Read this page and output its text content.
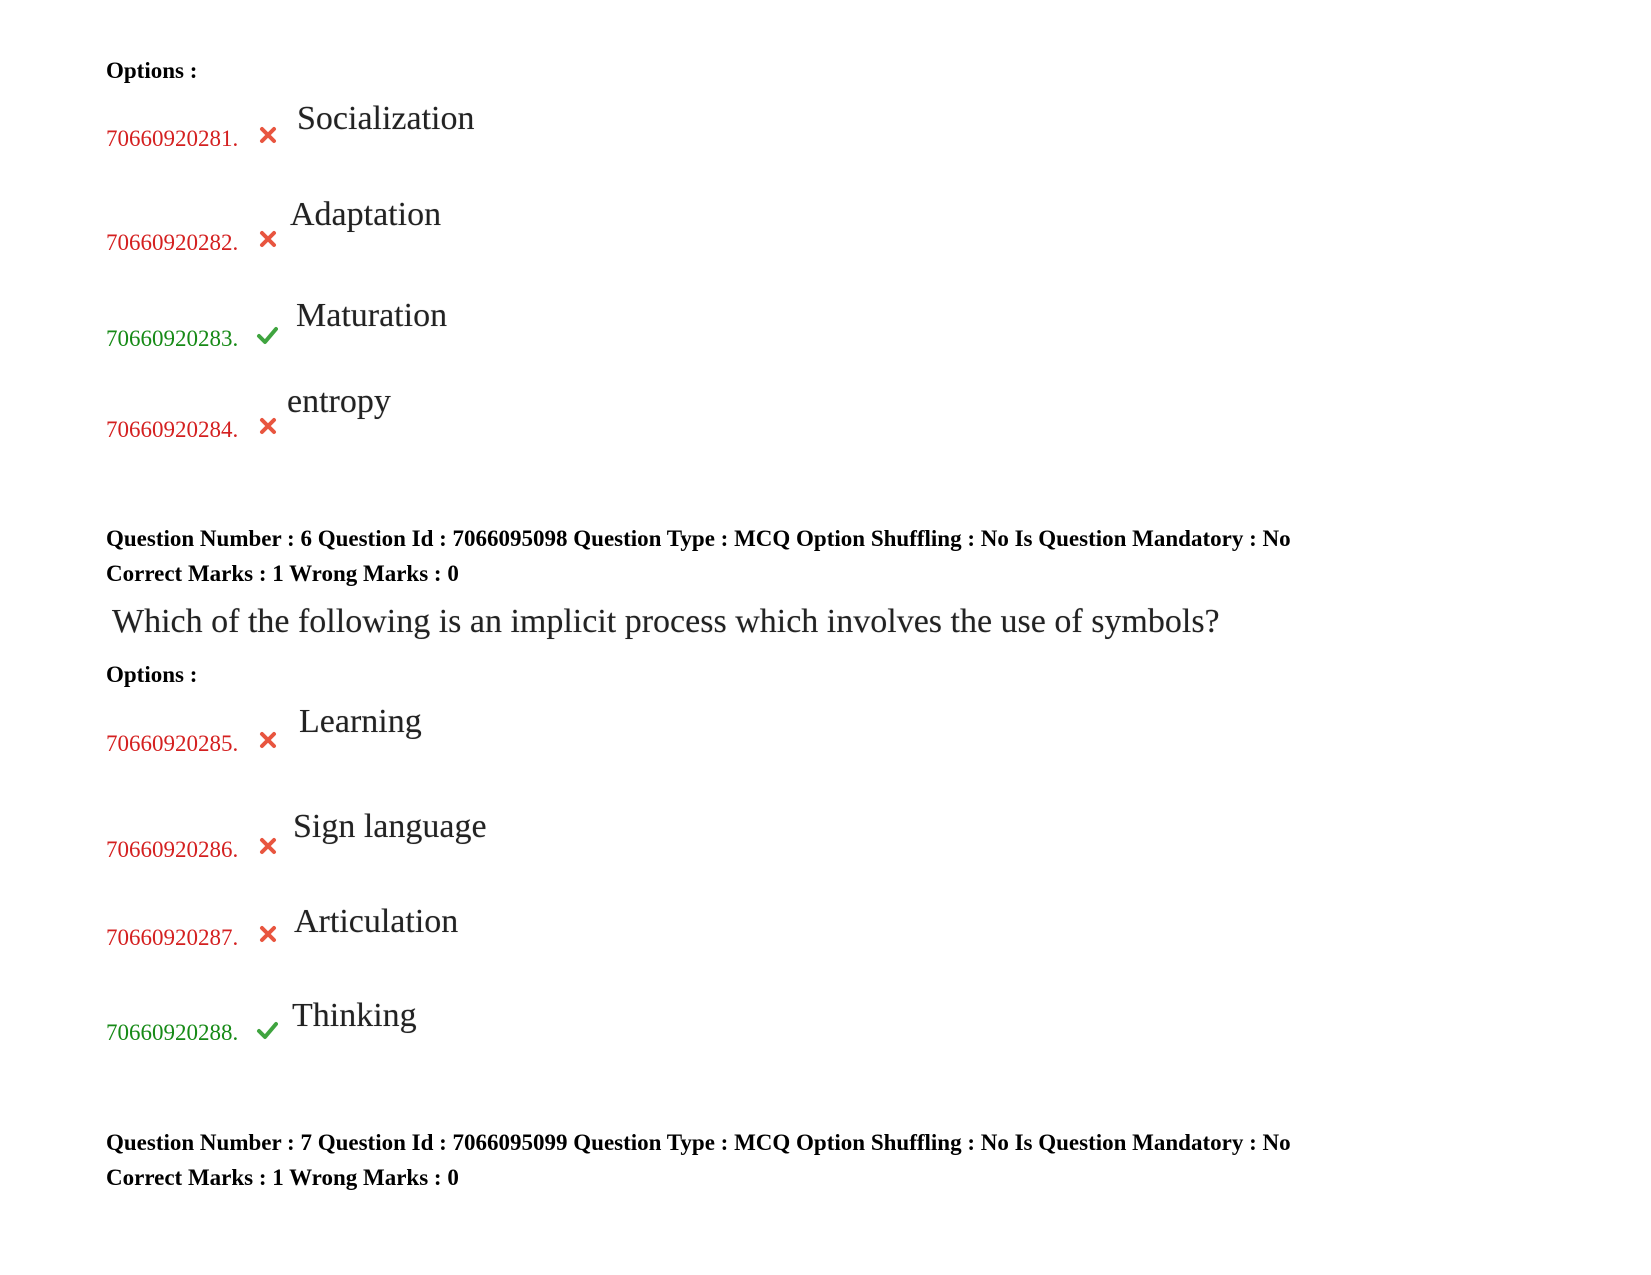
Options :
70660920281.
Socialization
70660920282.
Adaptation
70660920283.
Maturation
70660920284.
entropy
Question Number : 6 Question Id : 7066095098 Question Type : MCQ Option Shuffling : No Is Question Mandatory : No
Correct Marks : 1 Wrong Marks : 0
Which of the following is an implicit process which involves the use of symbols?
Options :
70660920285.
Learning
70660920286.
Sign language
70660920287. Articulation
70660920288. Thinking
Question Number : 7 Question Id : 7066095099 Question Type : MCQ Option Shuffling : No Is Question Mandatory : No
Correct Marks : 1 Wrong Marks : 0
